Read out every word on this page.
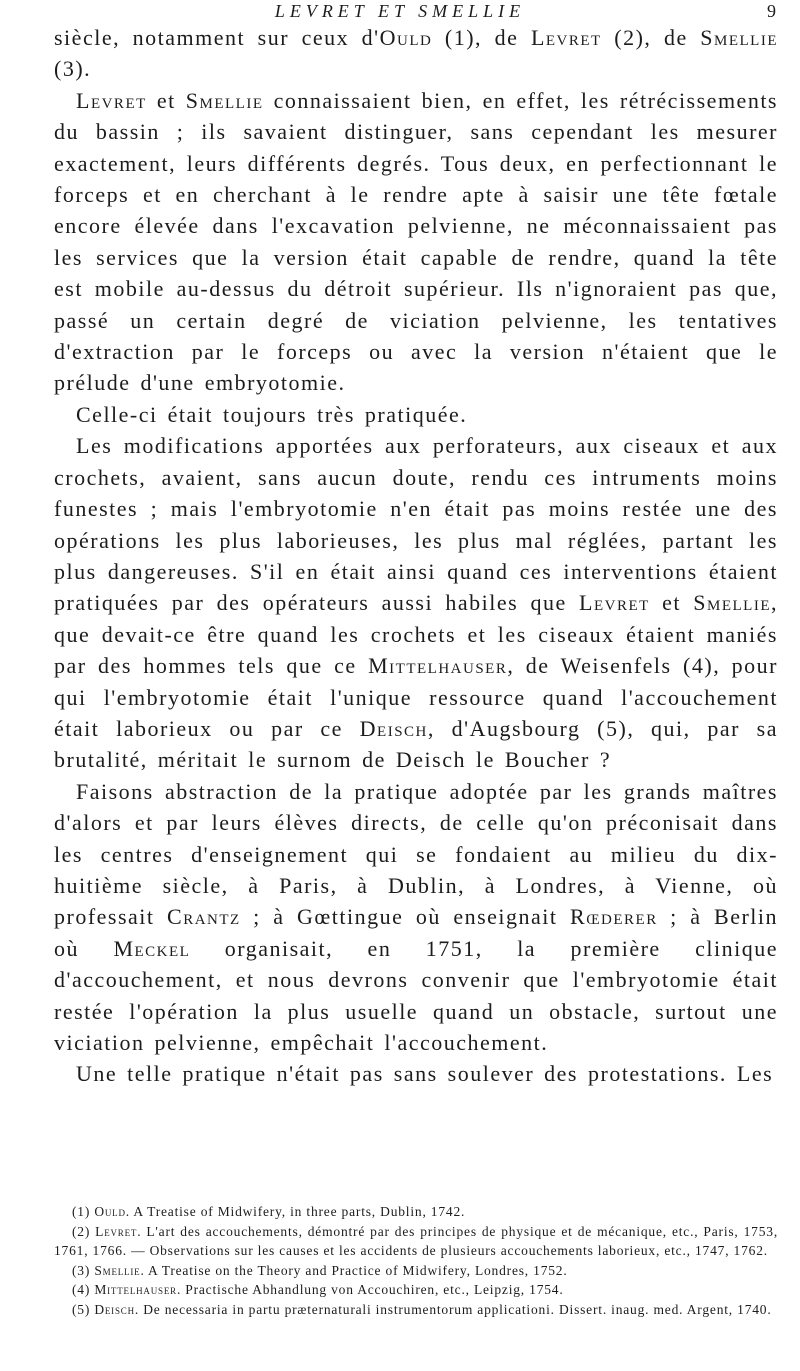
LEVRET ET SMELLIE	9

siècle, notamment sur ceux d'Ould (1), de Levret (2), de Smellie (3).

Levret et Smellie connaissaient bien, en effet, les rétrécissements du bassin ; ils savaient distinguer, sans cependant les mesurer exactement, leurs différents degrés. Tous deux, en perfectionnant le forceps et en cherchant à le rendre apte à saisir une tête fœtale encore élevée dans l'excavation pelvienne, ne méconnaissaient pas les services que la version était capable de rendre, quand la tête est mobile au-dessus du détroit supérieur. Ils n'ignoraient pas que, passé un certain degré de viciation pelvienne, les tentatives d'extraction par le forceps ou avec la version n'étaient que le prélude d'une embryotomie.

Celle-ci était toujours très pratiquée.

Les modifications apportées aux perforateurs, aux ciseaux et aux crochets, avaient, sans aucun doute, rendu ces intruments moins funestes ; mais l'embryotomie n'en était pas moins restée une des opérations les plus laborieuses, les plus mal réglées, partant les plus dangereuses. S'il en était ainsi quand ces interventions étaient pratiquées par des opérateurs aussi habiles que Levret et Smellie, que devait-ce être quand les crochets et les ciseaux étaient maniés par des hommes tels que ce Mittelhauser, de Weisenfels (4), pour qui l'embryotomie était l'unique ressource quand l'accouchement était laborieux ou par ce Deisch, d'Augsbourg (5), qui, par sa brutalité, méritait le surnom de Deisch le Boucher ?

Faisons abstraction de la pratique adoptée par les grands maîtres d'alors et par leurs élèves directs, de celle qu'on préconisait dans les centres d'enseignement qui se fondaient au milieu du dix-huitième siècle, à Paris, à Dublin, à Londres, à Vienne, où professait Crantz ; à Gœttingue où enseignait Rœderer ; à Berlin où Meckel organisait, en 1751, la première clinique d'accouchement, et nous devrons convenir que l'embryotomie était restée l'opération la plus usuelle quand un obstacle, surtout une viciation pelvienne, empêchait l'accouchement.

Une telle pratique n'était pas sans soulever des protestations. Les

(1) Ould. A Treatise of Midwifery, in three parts, Dublin, 1742.
(2) Levret. L'art des accouchements, démontré par des principes de physique et de mécanique, etc., Paris, 1753, 1761, 1766. — Observations sur les causes et les accidents de plusieurs accouchements laborieux, etc., 1747, 1762.
(3) Smellie. A Treatise on the Theory and Practice of Midwifery, Londres, 1752.
(4) Mittelhauser. Practische Abhandlung von Accouchiren, etc., Leipzig, 1754.
(5) Deisch. De necessaria in partu præternaturali instrumentorum applicationi. Dissert. inaug. med. Argent, 1740.
